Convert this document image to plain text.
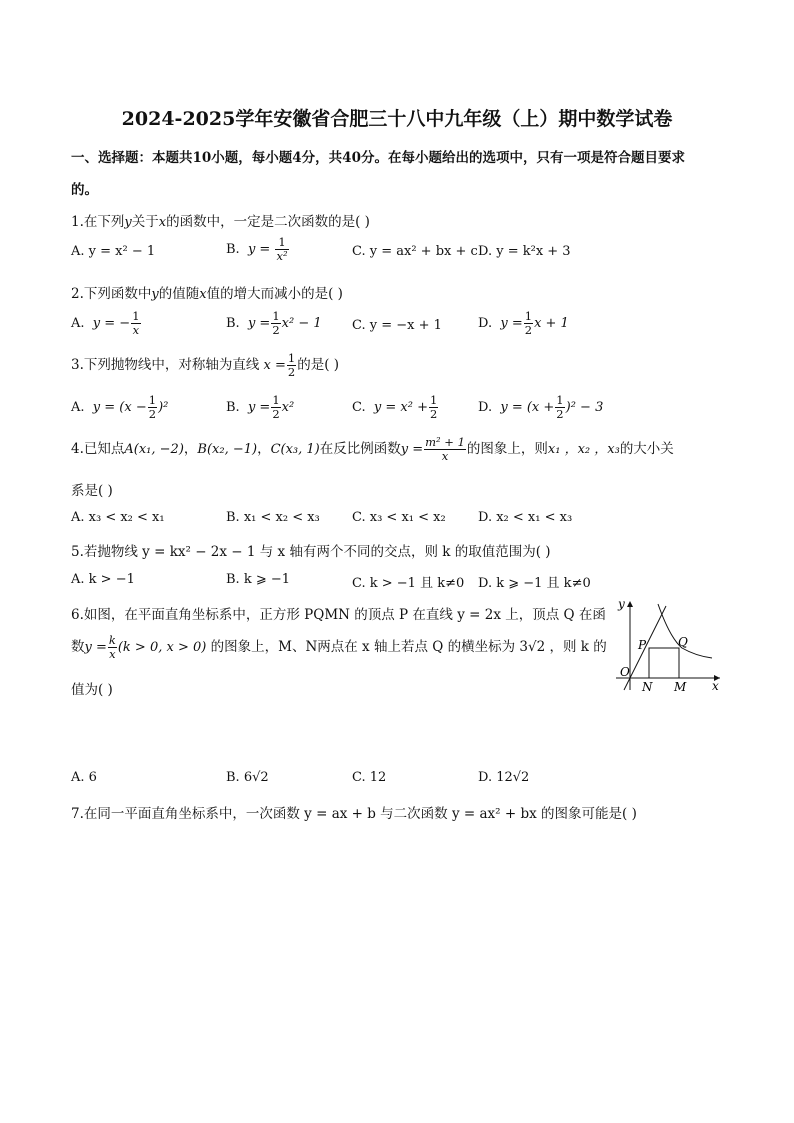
2024-2025学年安徽省合肥三十八中九年级（上）期中数学试卷
一、选择题：本题共10小题，每小题4分，共40分。在每小题给出的选项中，只有一项是符合题目要求
的。
1.在下列y关于x的函数中，一定是二次函数的是( )
A. y = x² − 1	B. $y = \frac{1}{\text{x²}}$	C. y = ax² + bx + c D. y = k²x + 3
2.下列函数中y的值随x值的增大而减小的是( )
A. y = − $\frac{1}{x}$	B. $y = \frac{1}{2} x^2 - 1$ C. y = −x + 1	D. $y = \frac{1}{2}$ x + 1
3.下列抛物线中，对称轴为直线 $x = \frac{1}{2}$ 的是( )
A. $y = (x - \frac{1}{2} )^2$	B. $y = \frac{1}{2} x^2$	C. $y = x^2 + \frac{1}{2}$	D. $y = (x + \frac{1}{2} )^2 - 3$
4.已知点A(x₁, −2)，B(x₂, −1)，C(x₃, 1)在反比例函数$y = \frac{\text{m² + 1}}{x}$ 的图象上，则x₁ ，x₂ ，x₃的大小关
系是( )
A. x₃ < x₂ < x₁	B. x₁ < x₂ < x₃ C. x₃ < x₁ < x₂ D. x₂ < x₁ < x₃
5.若抛物线 y = kx² − 2x − 1 与 x 轴有两个不同的交点，则 k 的取值范围为( )
A. k > −1	B. k ⩾ −1	C. k > −1 且 k≠0 D. k ⩾ −1 且 k≠0
6.如图，在平面直角坐标系中，正方形 PQMN 的顶点 P 在直线 y = 2x 上，顶点 Q 在函
数$y = \frac{k}{x} (k > 0$, x > 0) 的图象上，M、N两点在 x 轴上若点 Q 的横坐标为 3√2 ，则 k 的
值为( )
y
x
O
P	Q
N M
A. 6	B. 6√2	C. 12	D. 12√2
7.在同一平面直角坐标系中，一次函数 y = ax + b 与二次函数 y = ax² + bx 的图象可能是( )
